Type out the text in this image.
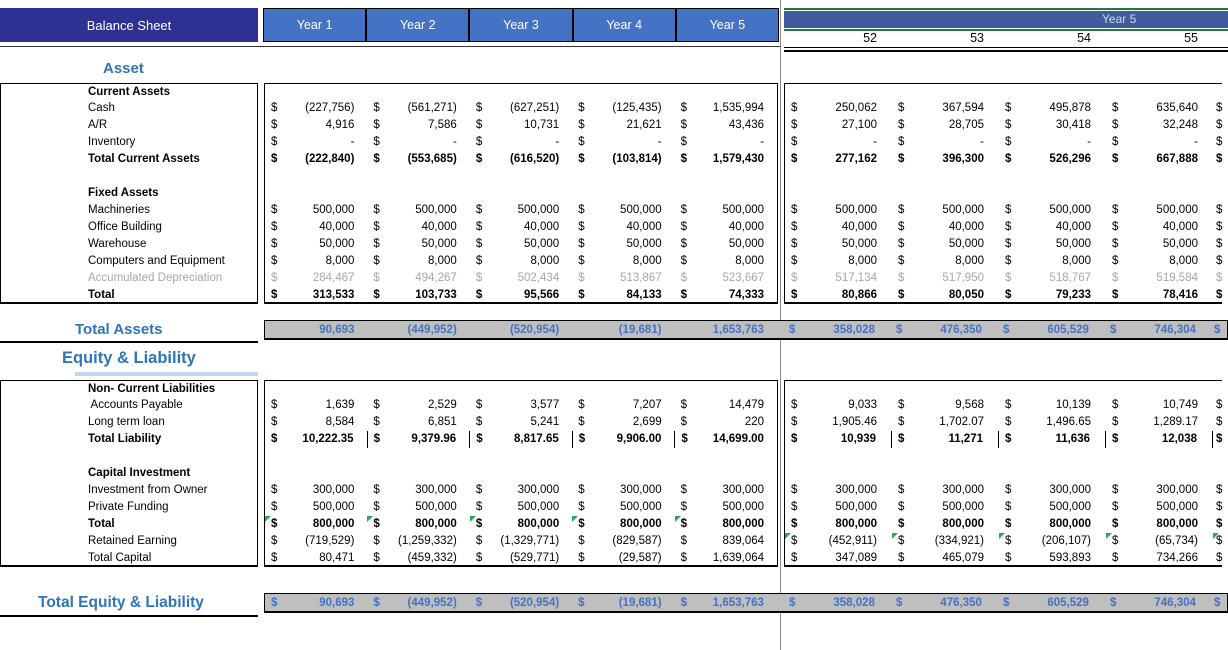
Balance Sheet	Year 1	Year 2	Year 3	Year 4	Year 5	Year 5
52	53	54	55
Asset
Current Assets
Cash	$ (227,756) $ (561,271) $ (627,251) $ (125,435) $ 1,535,994 $	250,062 $	367,594 $	495,878 $	635,640 $
A/R	$	4,916 $	7,586 $	10,731 $	21,621 $	43,436 $	27,100 $	28,705 $	30,418 $	32,248 $
Inventory	$	- $	- $	- $	- $	- $	- $	- $	- $	- $
Total Current Assets	$ (222,840) $ (553,685) $ (616,520) $ (103,814) $ 1,579,430 $	277,162 $	396,300 $	526,296 $	667,888 $
Fixed Assets
Machineries	$	500,000 $	500,000 $	500,000 $	500,000 $	500,000 $	500,000 $	500,000 $	500,000 $	500,000 $
Office Building	$	40,000 $	40,000 $	40,000 $	40,000 $	40,000 $	40,000 $	40,000 $	40,000 $	40,000 $
Warehouse	$	50,000 $	50,000 $	50,000 $	50,000 $	50,000 $	50,000 $	50,000 $	50,000 $	50,000 $
Computers and Equipment	$	8,000 $	8,000 $	8,000 $	8,000 $	8,000 $	8,000 $	8,000 $	8,000 $	8,000 $
Accumulated Depreciation	$	284,467 $	494,267 $	502,434 $	513,867 $	523,667 $	517,134 $	517,950 $	518,767 $	519,584 $
Total	$	313,533 $	103,733 $	95,566 $	84,133 $	74,333 $	80,866 $	80,050 $	79,233 $	78,416 $
Total Assets	90,693	(449,952)	(520,954)	(19,681)	1,653,763 $	358,028 $	476,350 $	605,529 $	746,304 $
Equity & Liability
Non- Current Liabilities
Accounts Payable	$	1,639 $	2,529 $	3,577 $	7,207 $	14,479 $	9,033 $	9,568 $	10,139 $	10,749 $
Long term loan	$	8,584 $	6,851 $	5,241 $	2,699 $	220 $	1,905.46 $	1,702.07 $	1,496.65 $	1,289.17 $
Total Liability	$ 10,222.35 $	9,379.96 $	8,817.65 $	9,906.00 $ 14,699.00 $	10,939 $	11,271 $	11,636 $	12,038 $
Capital Investment
Investment from Owner	$	300,000 $	300,000 $	300,000 $	300,000 $	300,000 $	300,000 $	300,000 $	300,000 $	300,000 $
Private Funding	$	500,000 $	500,000 $	500,000 $	500,000 $	500,000 $	500,000 $	500,000 $	500,000 $	500,000 $
Total	$	800,000 $	800,000 $	800,000 $	800,000 $	800,000 $	800,000 $	800,000 $	800,000 $	800,000 $
Retained Earning	$ (719,529) $ (1,259,332) $ (1,329,771) $ (829,587) $	839,064 $	(452,911) $	(334,921) $	(206,107) $	(65,734) $
Total Capital	$	80,471 $ (459,332) $ (529,771) $	(29,587) $ 1,639,064 $	347,089 $	465,079 $	593,893 $	734,266 $
Total Equity & Liability	$	90,693 $ (449,952) $ (520,954) $	(19,681) $ 1,653,763 $	358,028 $	476,350 $	605,529 $	746,304 $
